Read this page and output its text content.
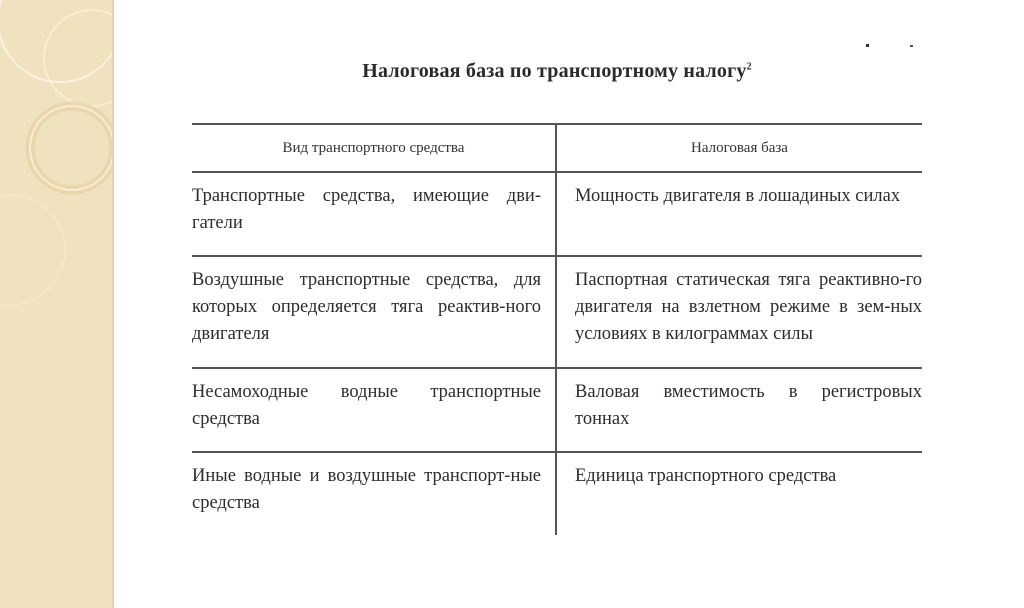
Налоговая база по транспортному налогу$^2$
Вид транспортного средства	Налоговая база
Транспортные средства, имеющие дви-гатели	Мощность двигателя в лошадиных силах
Воздушные транспортные средства, для которых определяется тяга реактив-ного двигателя	Паспортная статическая тяга реактивно-го двигателя на взлетном режиме в зем-ных условиях в килограммах силы
Несамоходные водные транспортные средства	Валовая вместимость в регистровых тоннах
Иные водные и воздушные транспорт-ные средства	Единица транспортного средства
